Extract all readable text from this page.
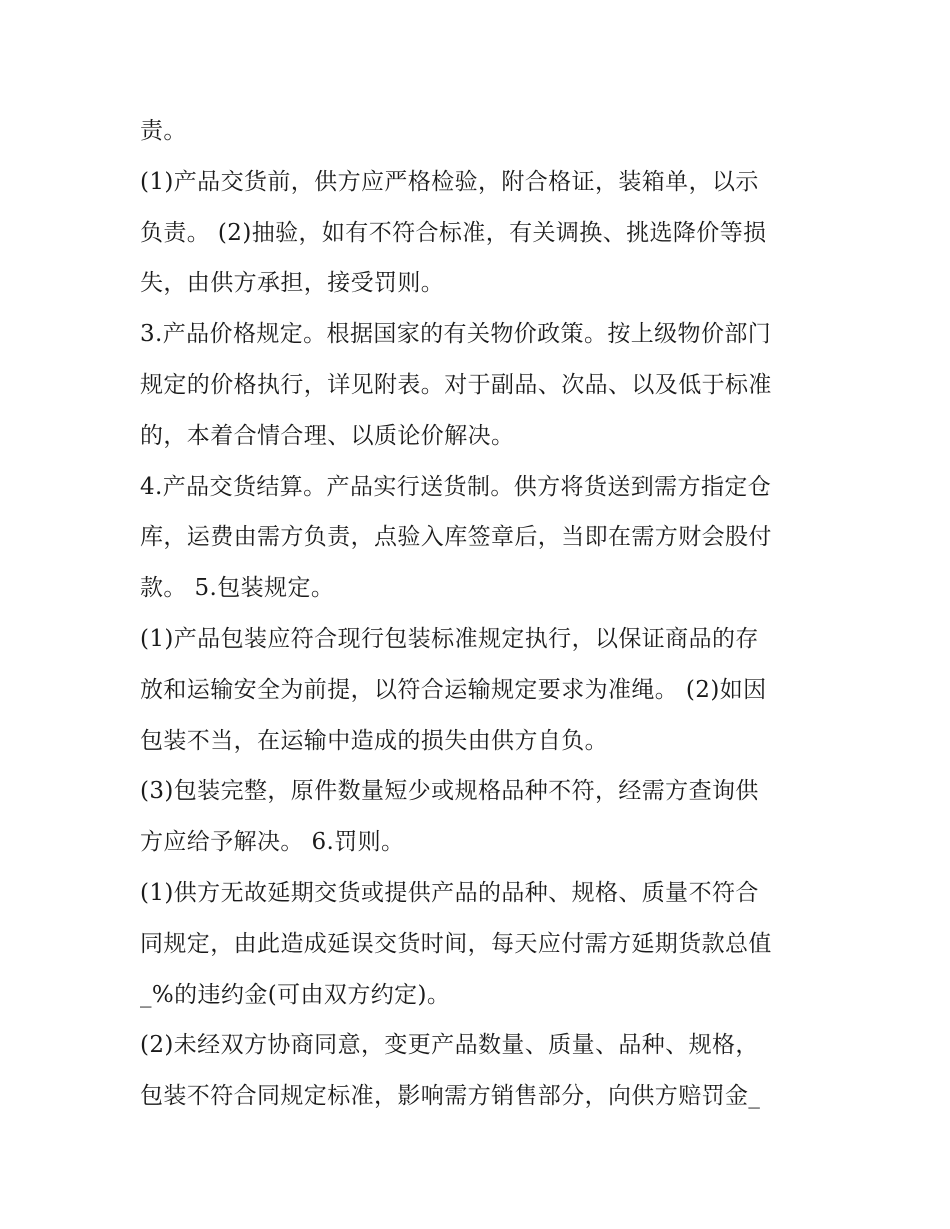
责。
(1)产品交货前，供方应严格检验，附合格证，装箱单，以示
负责。 (2)抽验，如有不符合标准，有关调换、挑选降价等损
失，由供方承担，接受罚则。
3.产品价格规定。根据国家的有关物价政策。按上级物价部门
规定的价格执行，详见附表。对于副品、次品、以及低于标准
的，本着合情合理、以质论价解决。
4.产品交货结算。产品实行送货制。供方将货送到需方指定仓
库，运费由需方负责，点验入库签章后，当即在需方财会股付
款。 5.包装规定。
(1)产品包装应符合现行包装标准规定执行，以保证商品的存
放和运输安全为前提，以符合运输规定要求为准绳。 (2)如因
包装不当，在运输中造成的损失由供方自负。
(3)包装完整，原件数量短少或规格品种不符，经需方查询供
方应给予解决。 6.罚则。
(1)供方无故延期交货或提供产品的品种、规格、质量不符合
同规定，由此造成延误交货时间，每天应付需方延期货款总值
_%的违约金(可由双方约定)。
(2)未经双方协商同意，变更产品数量、质量、品种、规格，
包装不符合同规定标准，影响需方销售部分，向供方赔罚金_
